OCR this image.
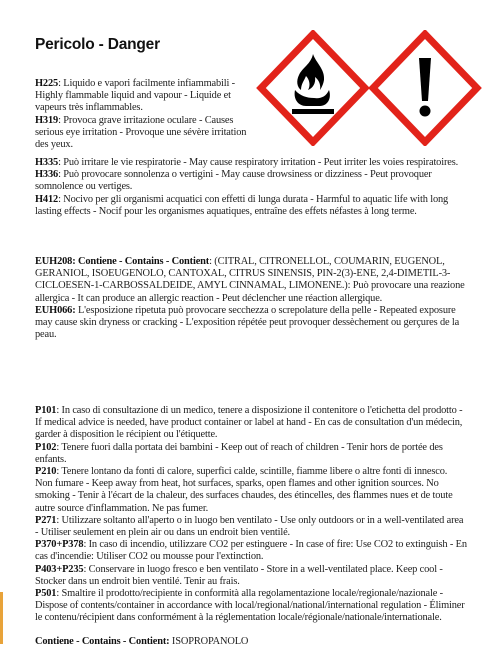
Pericolo - Danger

H225: Liquido e vapori facilmente infiammabili - Highly flammable liquid and vapour - Liquide et vapeurs très inflammables.

H319: Provoca grave irritazione oculare - Causes serious eye irritation - Provoque une sévère irritation des yeux.

H335: Può irritare le vie respiratorie - May cause respiratory irritation - Peut irriter les voies respiratoires.

H336: Può provocare sonnolenza o vertigini - May cause drowsiness or dizziness - Peut provoquer somnolence ou vertiges.

H412: Nocivo per gli organismi acquatici con effetti di lunga durata - Harmful to aquatic life with long lasting effects - Nocif pour les organismes aquatiques, entraîne des effets néfastes à long terme.

EUH208: Contiene - Contains - Contient: (CITRAL, CITRONELLOL, COUMARIN, EUGENOL, GERANIOL, ISOEUGENOLO, CANTOXAL, CITRUS SINENSIS, PIN-2(3)-ENE, 2,4-DIMETIL-3-CICLOESEN-1-CARBOSSALDEIDE, AMYL CINNAMAL, LIMONENE.): Può provocare una reazione allergica - It can produce an allergic reaction - Peut déclencher une réaction allergique.

EUH066: L'esposizione ripetuta può provocare secchezza o screpolature della pelle - Repeated exposure may cause skin dryness or cracking - L'exposition répétée peut provoquer dessèchement ou gerçures de la peau.

P101: In caso di consultazione di un medico, tenere a disposizione il contenitore o l'etichetta del prodotto - If medical advice is needed, have product container or label at hand - En cas de consultation d'un médecin, garder à disposition le récipient ou l'étiquette.

P102: Tenere fuori dalla portata dei bambini - Keep out of reach of children - Tenir hors de portée des enfants.

P210: Tenere lontano da fonti di calore, superfici calde, scintille, fiamme libere o altre fonti di innesco. Non fumare - Keep away from heat, hot surfaces, sparks, open flames and other ignition sources. No smoking - Tenir à l'écart de la chaleur, des surfaces chaudes, des étincelles, des flammes nues et de toute autre source d'inflammation. Ne pas fumer.

P271: Utilizzare soltanto all'aperto o in luogo ben ventilato - Use only outdoors or in a well-ventilated area - Utiliser seulement en plein air ou dans un endroit bien ventilé.

P370+P378: In caso di incendio, utilizzare CO2 per estinguere - In case of fire: Use CO2 to extinguish - En cas d'incendie: Utiliser CO2 ou mousse pour l'extinction.

P403+P235: Conservare in luogo fresco e ben ventilato - Store in a well-ventilated place. Keep cool - Stocker dans un endroit bien ventilé. Tenir au frais.

P501: Smaltire il prodotto/recipiente in conformità alla regolamentazione locale/regionale/nazionale - Dispose of contents/container in accordance with local/regional/national/international regulation - Éliminer le contenu/récipient dans conformément à la réglementation locale/régionale/nationale/internationale.

Contiene - Contains - Contient: ISOPROPANOLO
